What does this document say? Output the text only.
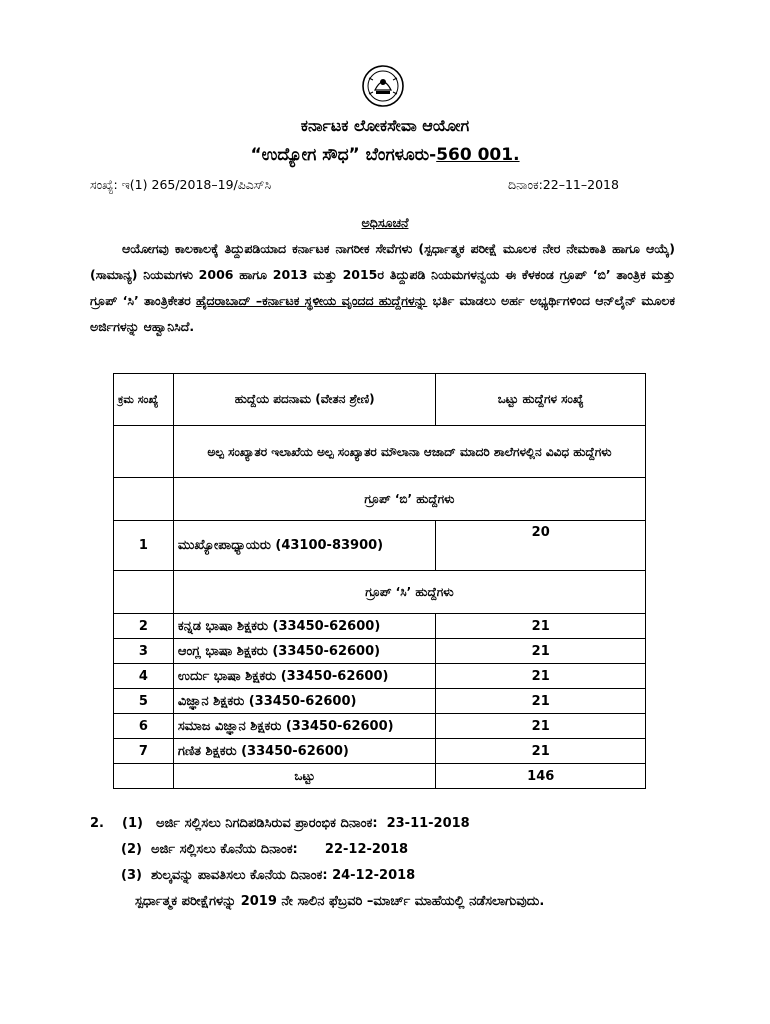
ಕರ್ನಾಟಕ ಲೋಕಸೇವಾ ಆಯೋಗ
“ಉದ್ಯೋಗ ಸೌಧ” ಬೆಂಗಳೂರು-560 001.
ಸಂಖ್ಯೆ: ಇ(1) 265/2018–19/ಪಿಎಸ್‌ಸಿ	ದಿನಾಂಕ:22–11–2018
ಅಧಿಸೂಚನೆ
ಆಯೋಗವು ಕಾಲಕಾಲಕ್ಕೆ ತಿದ್ದುಪಡಿಯಾದ ಕರ್ನಾಟಕ ನಾಗರೀಕ ಸೇವೆಗಳು (ಸ್ಪರ್ಧಾತ್ಮಕ ಪರೀಕ್ಷೆ ಮೂಲಕ ನೇರ ನೇಮಕಾತಿ ಹಾಗೂ ಆಯ್ಕೆ) (ಸಾಮಾನ್ಯ) ನಿಯಮಗಳು 2006 ಹಾಗೂ 2013 ಮತ್ತು 2015ರ ತಿದ್ದುಪಡಿ ನಿಯಮಗಳನ್ವಯ ಈ ಕೆಳಕಂಡ ಗ್ರೂಪ್ ‘ಬಿ’ ತಾಂತ್ರಿಕ ಮತ್ತು ಗ್ರೂಪ್ ‘ಸಿ’ ತಾಂತ್ರಿಕೇತರ ಹೈದರಾಬಾದ್ –ಕರ್ನಾಟಕ ಸ್ಥಳೀಯ ವೃಂದದ ಹುದ್ದೆಗಳನ್ನು ಭರ್ತಿ ಮಾಡಲು ಅರ್ಹ ಅಭ್ಯರ್ಥಿಗಳಿಂದ ಆನ್‌ಲೈನ್ ಮೂಲಕ ಅರ್ಜಿಗಳನ್ನು ಆಹ್ವಾನಿಸಿದೆ.
ಕ್ರಮ ಸಂಖ್ಯೆ	ಹುದ್ದೆಯ ಪದನಾಮ (ವೇತನ ಶ್ರೇಣಿ)	ಒಟ್ಟು ಹುದ್ದೆಗಳ ಸಂಖ್ಯೆ
	ಅಲ್ಪ ಸಂಖ್ಯಾತರ ಇಲಾಖೆಯ ಅಲ್ಪ ಸಂಖ್ಯಾತರ ಮೌಲಾನಾ ಆಜಾದ್ ಮಾದರಿ ಶಾಲೆಗಳಲ್ಲಿನ ವಿವಿಧ ಹುದ್ದೆಗಳು	
	ಗ್ರೂಪ್ ‘ಬಿ’ ಹುದ್ದೆಗಳು	
1	ಮುಖ್ಯೋಪಾಧ್ಯಾಯರು (43100-83900)	20
	ಗ್ರೂಪ್ ‘ಸಿ’ ಹುದ್ದೆಗಳು	
2	ಕನ್ನಡ ಭಾಷಾ ಶಿಕ್ಷಕರು (33450-62600)	21
3	ಆಂಗ್ಲ ಭಾಷಾ ಶಿಕ್ಷಕರು (33450-62600)	21
4	ಉರ್ದು ಭಾಷಾ ಶಿಕ್ಷಕರು (33450-62600)	21
5	ವಿಜ್ಞಾನ ಶಿಕ್ಷಕರು (33450-62600)	21
6	ಸಮಾಜ ವಿಜ್ಞಾನ ಶಿಕ್ಷಕರು (33450-62600)	21
7	ಗಣಿತ ಶಿಕ್ಷಕರು (33450-62600)	21
	ಒಟ್ಟು	146
2. (1) ಅರ್ಜಿ ಸಲ್ಲಿಸಲು ನಿಗದಿಪಡಿಸಿರುವ ಪ್ರಾರಂಭಿಕ ದಿನಾಂಕ: 23-11-2018
(2) ಅರ್ಜಿ ಸಲ್ಲಿಸಲು ಕೊನೆಯ ದಿನಾಂಕ: 22-12-2018
(3) ಶುಲ್ಕವನ್ನು ಪಾವತಿಸಲು ಕೊನೆಯ ದಿನಾಂಕ: 24-12-2018
ಸ್ಪರ್ಧಾತ್ಮಕ ಪರೀಕ್ಷೆಗಳನ್ನು 2019 ನೇ ಸಾಲಿನ ಫೆಬ್ರವರಿ –ಮಾರ್ಚ್ ಮಾಹೆಯಲ್ಲಿ ನಡೆಸಲಾಗುವುದು.
